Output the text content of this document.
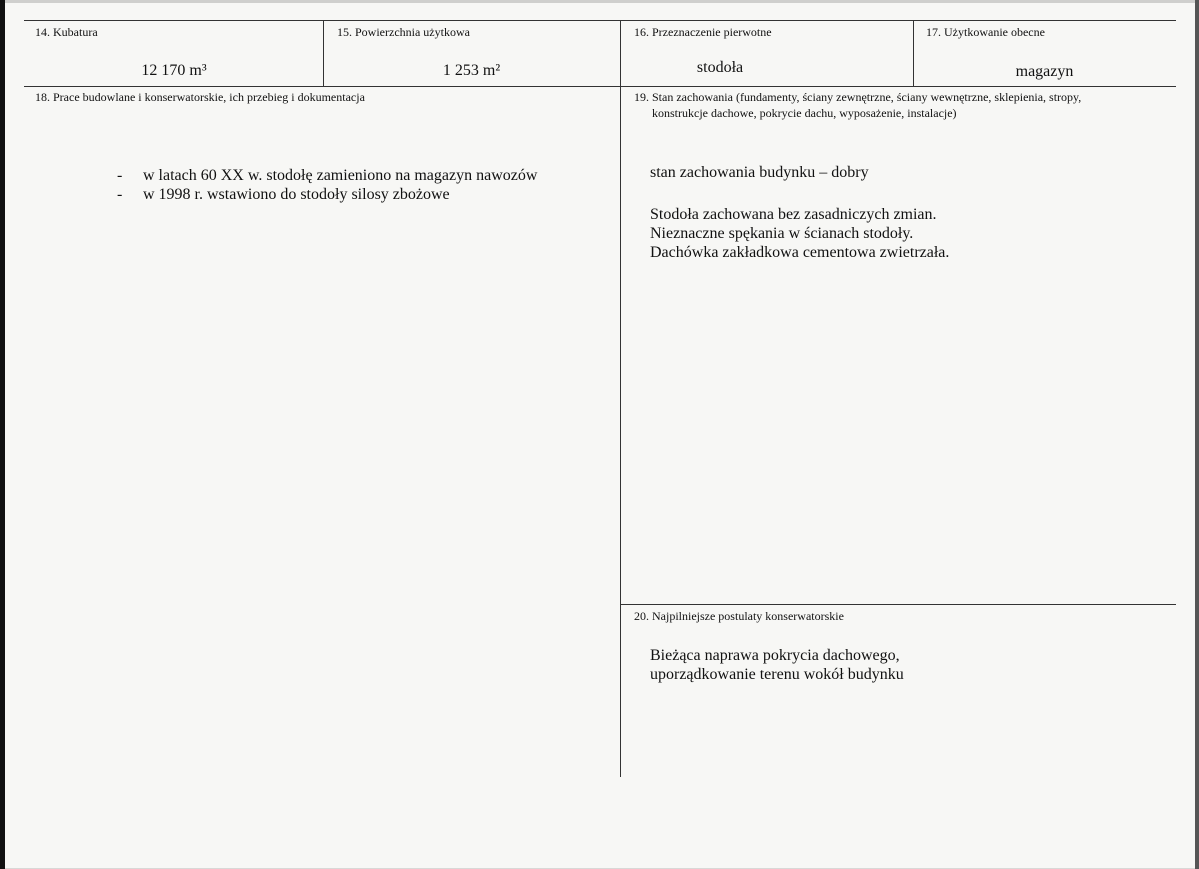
14. Kubatura
12 170 m³
15. Powierzchnia użytkowa
1 253 m²
16. Przeznaczenie pierwotne
stodoła
17. Użytkowanie obecne
magazyn
18. Prace budowlane i konserwatorskie, ich przebieg i dokumentacja
- w latach 60 XX w. stodołę zamieniono na magazyn nawozów
- w 1998 r. wstawiono do stodoły silosy zbożowe
19. Stan zachowania (fundamenty, ściany zewnętrzne, ściany wewnętrzne, sklepienia, stropy,
konstrukcje dachowe, pokrycie dachu, wyposażenie, instalacje)
stan zachowania budynku – dobry
Stodoła zachowana bez zasadniczych zmian.
Nieznaczne spękania w ścianach stodoły.
Dachówka zakładkowa cementowa zwietrzała.
20. Najpilniejsze postulaty konserwatorskie
Bieżąca naprawa pokrycia dachowego,
uporządkowanie terenu wokół budynku
